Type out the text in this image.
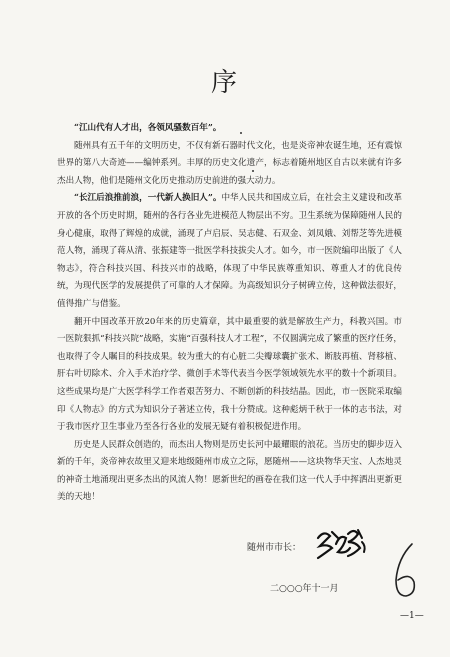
序

“江山代有人才出，各领风骚数百年”。

随州具有五千年的文明历史，不仅有新石器时代文化，也是炎帝神农诞生地，还有震惊世界的第八大奇迹——编钟系列。丰厚的历史文化遗产，标志着随州地区自古以来就有许多杰出人物，他们是随州文化历史推动历史前进的强大动力。

“长江后浪推前浪，一代新人换旧人”。中华人民共和国成立后，在社会主义建设和改革开放的各个历史时期，随州的各行各业先进模范人物层出不穷。卫生系统为保障随州人民的身心健康，取得了辉煌的成就，涌现了卢启辰、吴志健、石双金、刘凤娥、刘帮芝等先进模范人物，涌现了蒋从清、张振建等一批医学科技拔尖人才。如今，市一医院编印出版了《人物志》，符合科技兴国、科技兴市的战略，体现了中华民族尊重知识、尊重人才的优良传统，为现代医学的发展提供了可靠的人才保障。为高级知识分子树碑立传，这种做法很好，值得推广与借鉴。

翻开中国改革开放20年来的历史篇章，其中最重要的就是解放生产力，科教兴国。市一医院狠抓“科技兴院”战略，实施“百强科技人才工程”，不仅圆满完成了繁重的医疗任务，也取得了令人瞩目的科技成果。较为重大的有心脏二尖瓣球囊扩张术、断肢再植、肾移植、肝右叶切除术、介入手术治疗学、微创手术等代表当今医学领域领先水平的数十个新项目。这些成果均是广大医学科学工作者艰苦努力、不断创新的科技结晶。因此，市一医院采取编印《人物志》的方式为知识分子著述立传，我十分赞成。这种彪炳千秋于一体的志书法，对于我市医疗卫生事业乃至各行各业的发展无疑有着积极促进作用。

历史是人民群众创造的，而杰出人物则是历史长河中最耀眼的浪花。当历史的脚步迈入新的千年，炎帝神农故里又迎来地级随州市成立之际，愿随州——这块物华天宝、人杰地灵的神奇土地涌现出更多杰出的风流人物！愿新世纪的画卷在我们这一代人手中挥洒出更新更美的天地！

随州市市长：
二○○○年十一月
—1—
